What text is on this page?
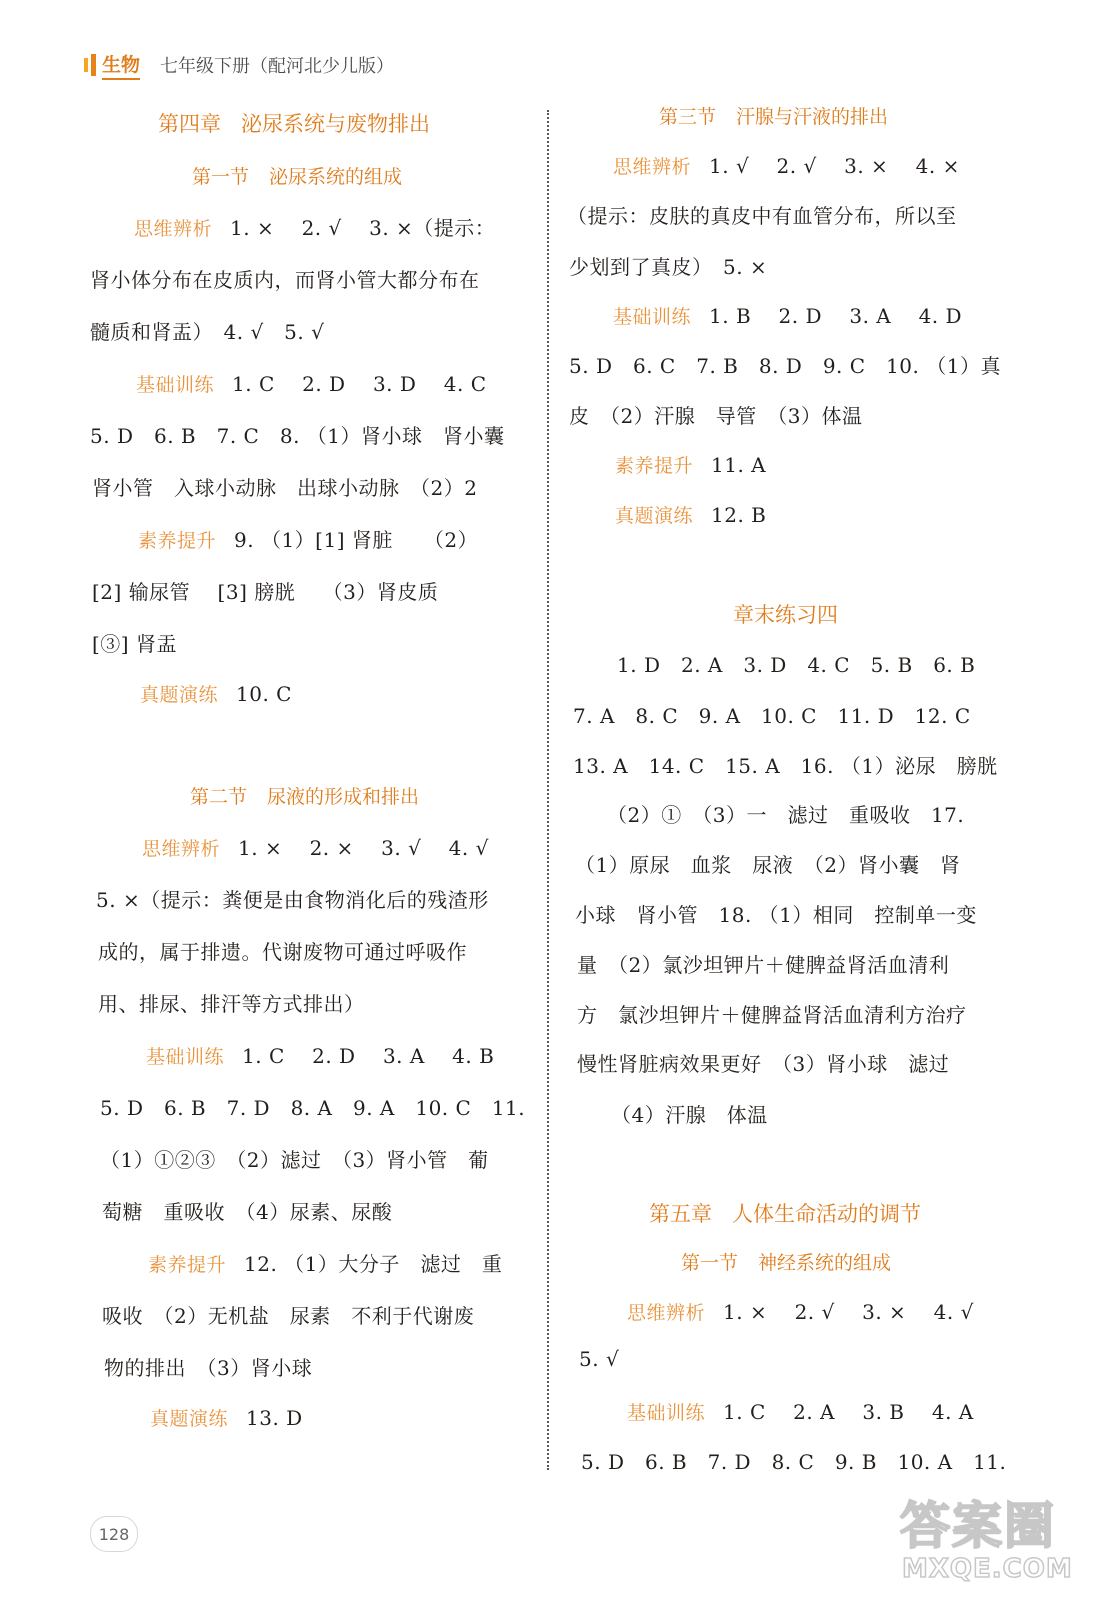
生物 七年级下册（配河北少儿版）
第四章 泌尿系统与废物排出
第一节 泌尿系统的组成
思维辨析 1. ×　 2. √　 3. ×（提示：
肾小体分布在皮质内，而肾小管大都分布在
髓质和肾盂）　4. √　5. √
基础训练 1. C　 2. D　 3. D　 4. C
5. D　6. B　7. C　8. （1）肾小球　肾小囊
肾小管　入球小动脉　出球小动脉　（2）2
素养提升 9. （1）[1] 肾脏　　（2）
[2] 输尿管　 [3] 膀胱　 （3）肾皮质
[③] 肾盂
真题演练 10. C
第二节 尿液的形成和排出
思维辨析 1. ×　 2. ×　 3. √　 4. √
5. ×（提示：粪便是由食物消化后的残渣形
成的，属于排遗。代谢废物可通过呼吸作
用、排尿、排汗等方式排出）
基础训练 1. C　 2. D　 3. A　 4. B
5. D　6. B　7. D　8. A　9. A　10. C　11.
（1）①②③　（2）滤过　（3）肾小管　葡
萄糖　重吸收　（4）尿素、尿酸
素养提升 12. （1）大分子　滤过　重
吸收　（2）无机盐　尿素　不利于代谢废
物的排出　（3）肾小球
真题演练 13. D
第三节 汗腺与汗液的排出
思维辨析 1. √　 2. √　 3. ×　 4. ×
（提示：皮肤的真皮中有血管分布，所以至
少划到了真皮）　5. ×
基础训练 1. B　 2. D　 3. A　 4. D
5. D　6. C　7. B　8. D　9. C　10. （1）真
皮　（2）汗腺　导管　（3）体温
素养提升 11. A
真题演练 12. B
章末练习四
1. D　2. A　3. D　4. C　5. B　6. B
7. A　8. C　9. A　10. C　11. D　12. C
13. A　14. C　15. A　16. （1）泌尿　膀胱
（2）①　（3）一　滤过　重吸收　17.
（1）原尿　血浆　尿液　（2）肾小囊　肾
小球　肾小管　18. （1）相同　控制单一变
量　（2）氯沙坦钾片＋健脾益肾活血清利
方　氯沙坦钾片＋健脾益肾活血清利方治疗
慢性肾脏病效果更好　（3）肾小球　滤过
（4）汗腺　体温
第五章 人体生命活动的调节
第一节 神经系统的组成
思维辨析 1. ×　 2. √　 3. ×　 4. √
5. √
基础训练 1. C　 2. A　 3. B　 4. A
5. D　6. B　7. D　8. C　9. B　10. A　11.
128	答案圈
MXQE.COM
